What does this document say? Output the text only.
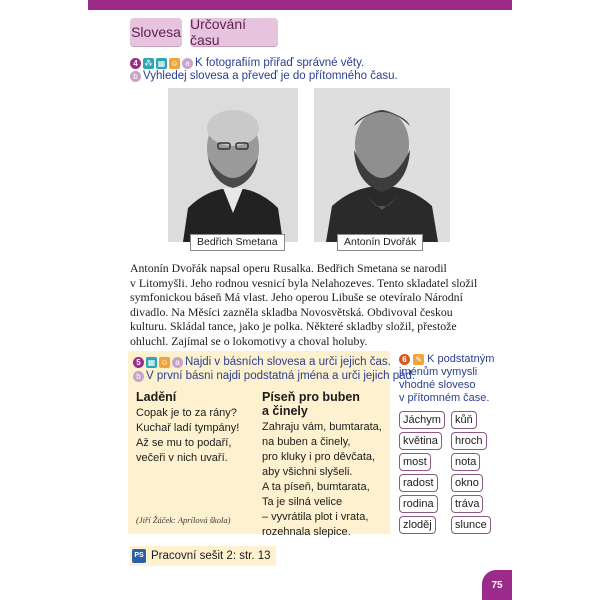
Slovesa Určování času
4 ⁂ ▦ ☺ a K fotografiím přiřaď správné věty.
b Vyhledej slovesa a převeď je do přítomného času.
Bedřich Smetana	Antonín Dvořák
Antonín Dvořák napsal operu Rusalka. Bedřich Smetana se narodil
v Litomyšli. Jeho rodnou vesnicí byla Nelahozeves. Tento skladatel složil
symfonickou báseň Má vlast. Jeho operou Libuše se otevíralo Národní
divadlo. Na Měsíci zazněla skladba Novosvětská. Obdivoval českou
kulturu. Skládal tance, jako je polka. Některé skladby složil, přestože
ohluchl. Zajímal se o lokomotivy a choval holuby.
5 ▦ ☺ a Najdi v básních slovesa a urči jejich čas.
b V první básni najdi podstatná jména a urči jejich pád.
Ladění
Copak je to za rány?
Kuchař ladí tympány!
Až se mu to podaří,
večeři v nich uvaří.
(Jiří Žáček: Aprílová škola)
Píseň pro buben
a činely
Zahraju vám, bumtarata,
na buben a činely,
pro kluky i pro děvčata,
aby všichni slyšeli.
A ta píseň, bumtarata,
Ta je silná velice
– vyvrátila plot i vrata,
rozehnala slepice.
6 ✎ K podstatným
jménům vymysli
vhodné sloveso
v přítomném čase.
Jáchym	kůň
květina	hroch
most	nota
radost	okno
rodina	tráva
zloděj	slunce
PS Pracovní sešit 2: str. 13
75
